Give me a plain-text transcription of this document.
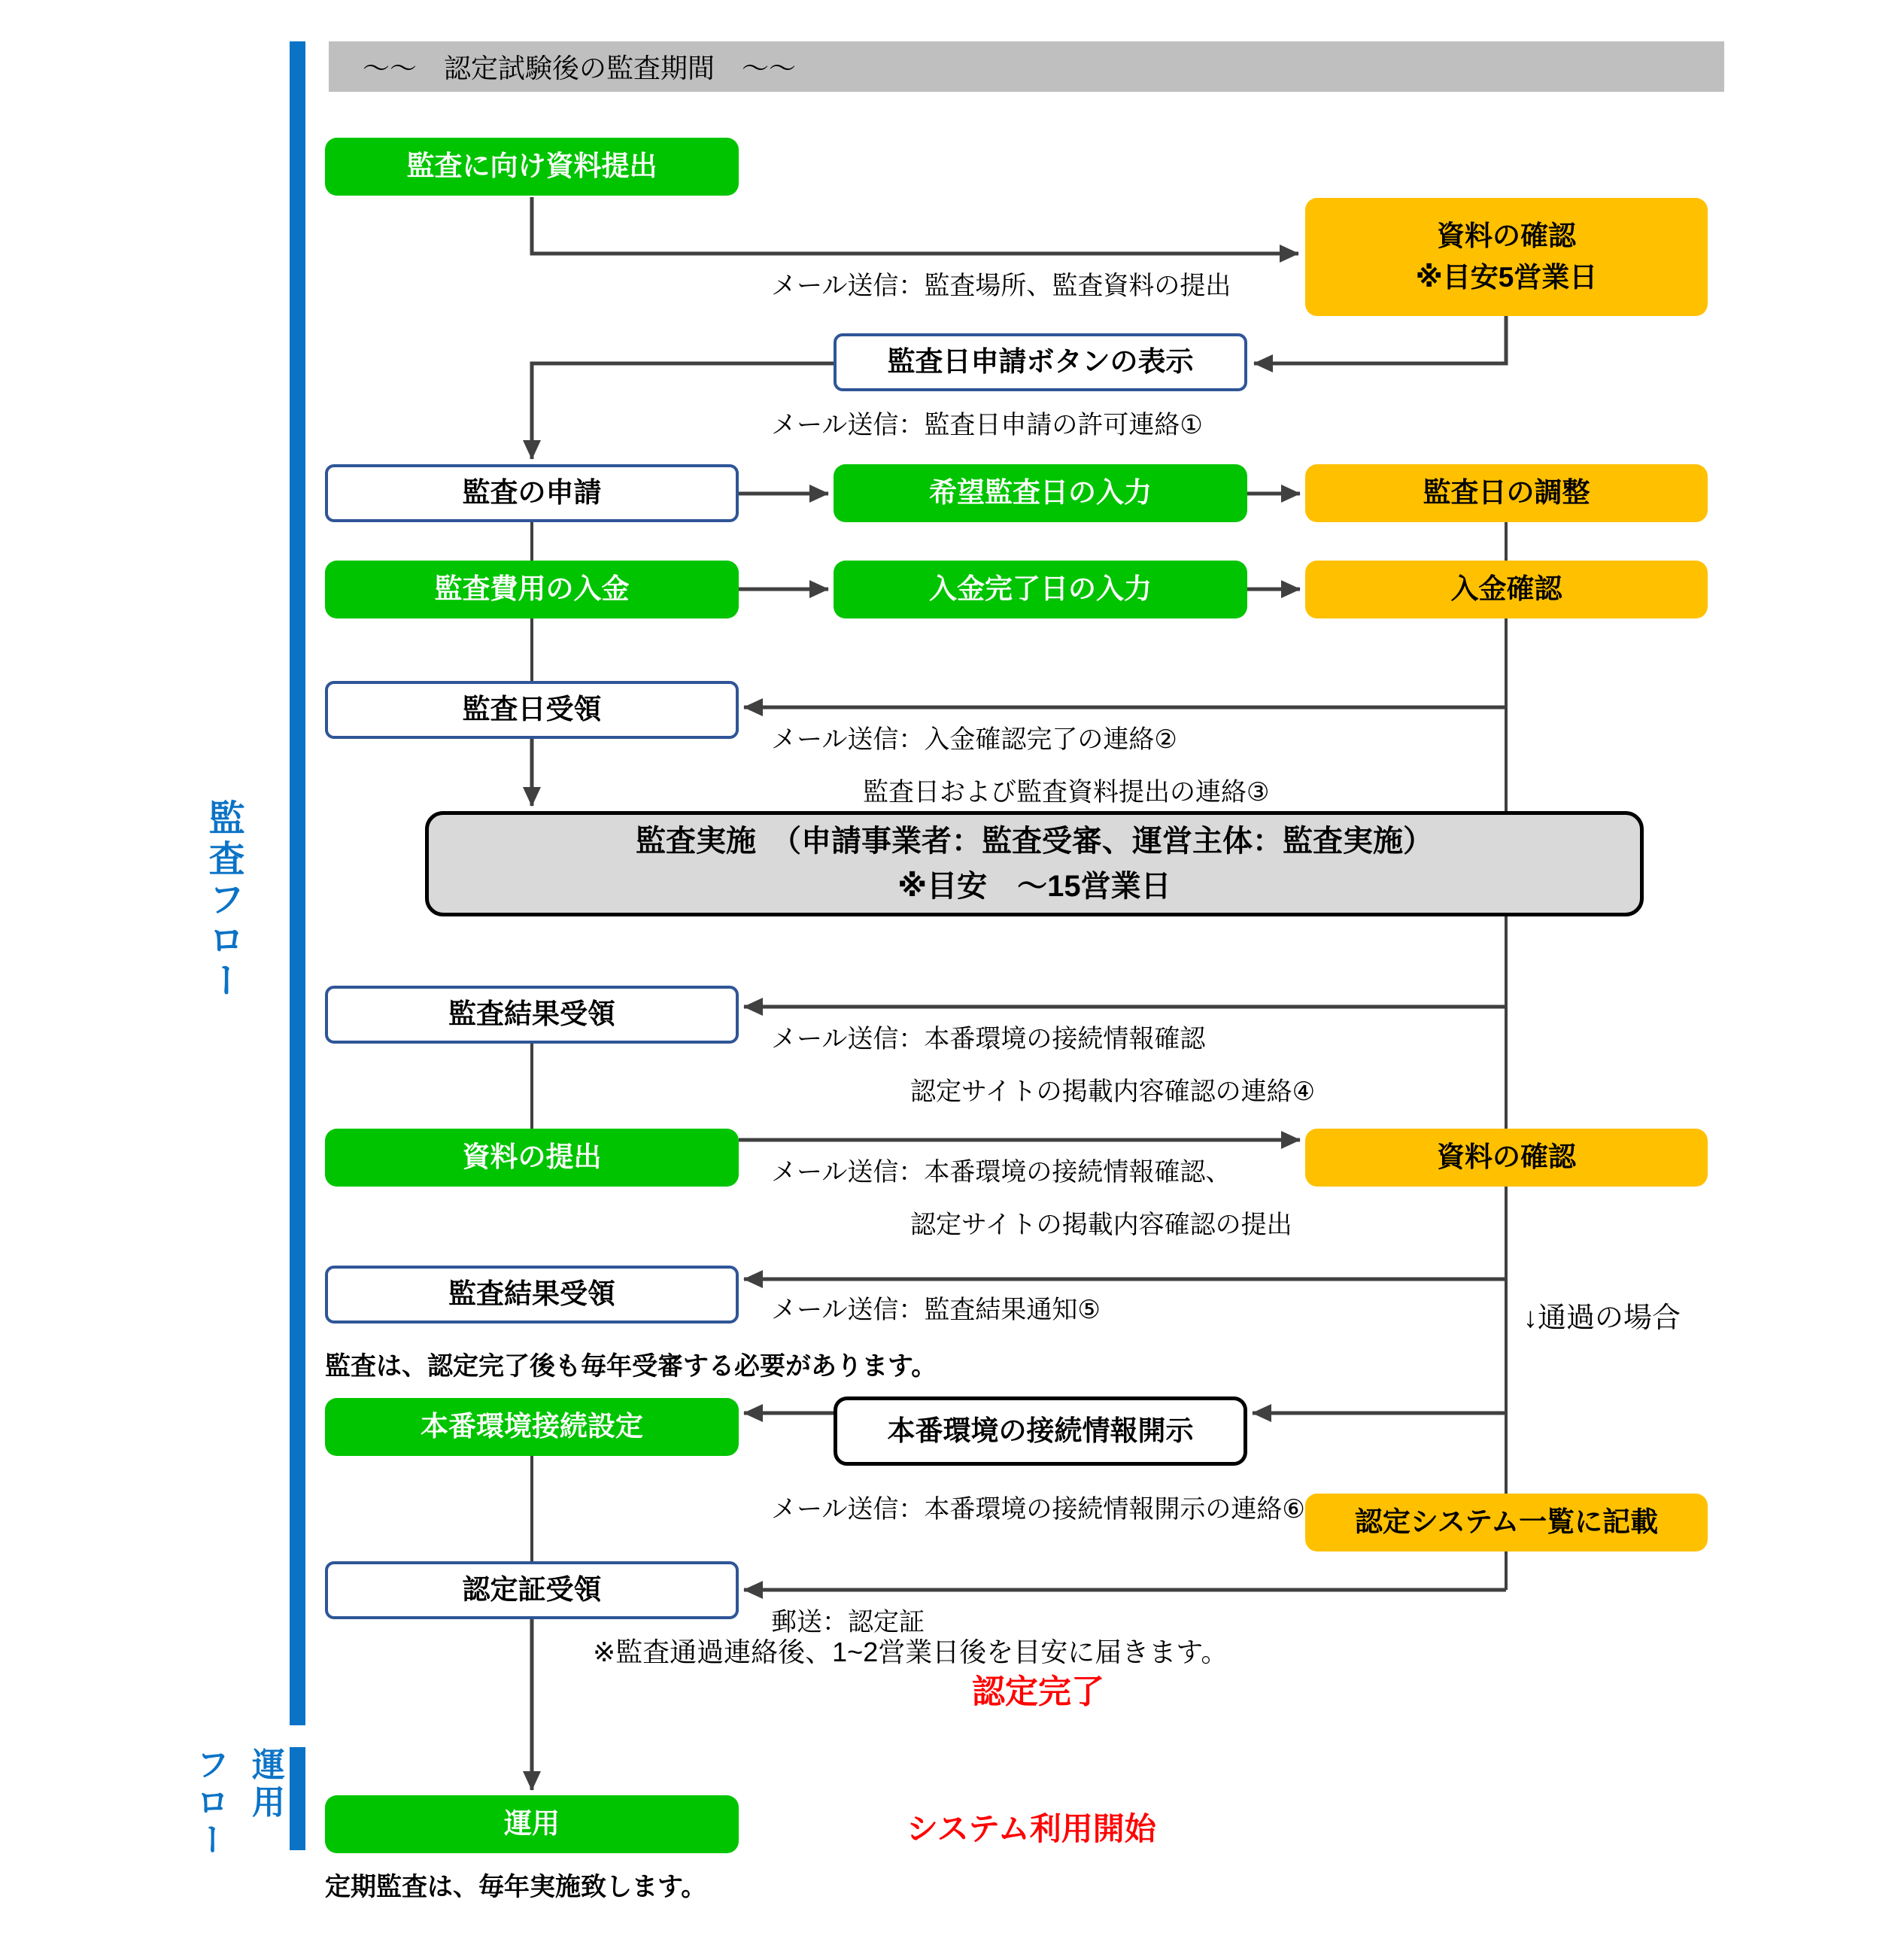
監査フロー
フロー 運用
〜〜　認定試験後の監査期間　〜〜
監査に向け資料提出
資料の確認
※目安5営業日
監査日申請ボタンの表示
監査の申請	希望監査日の入力	監査日の調整
監査費用の入金	入金完了日の入力	入金確認
監査日受領
監査実施　（申請事業者：監査受審、運営主体：監査実施）
※目安　～15営業日
監査結果受領
資料の提出	資料の確認
監査結果受領
本番環境接続設定	本番環境の接続情報開示
認定システム一覧に記載
認定証受領
運用
メール送信：監査場所、監査資料の提出
メール送信：監査日申請の許可連絡①
メール送信：入金確認完了の連絡②
監査日および監査資料提出の連絡③
メール送信：本番環境の接続情報確認
認定サイトの掲載内容確認の連絡④
メール送信：本番環境の接続情報確認、
認定サイトの掲載内容確認の提出
メール送信：監査結果通知⑤	↓通過の場合
監査は、認定完了後も毎年受審する必要があります。
メール送信：本番環境の接続情報開示の連絡⑥
郵送：認定証
※監査通過連絡後、1~2営業日後を目安に届きます。
認定完了
システム利用開始
定期監査は、毎年実施致します。
